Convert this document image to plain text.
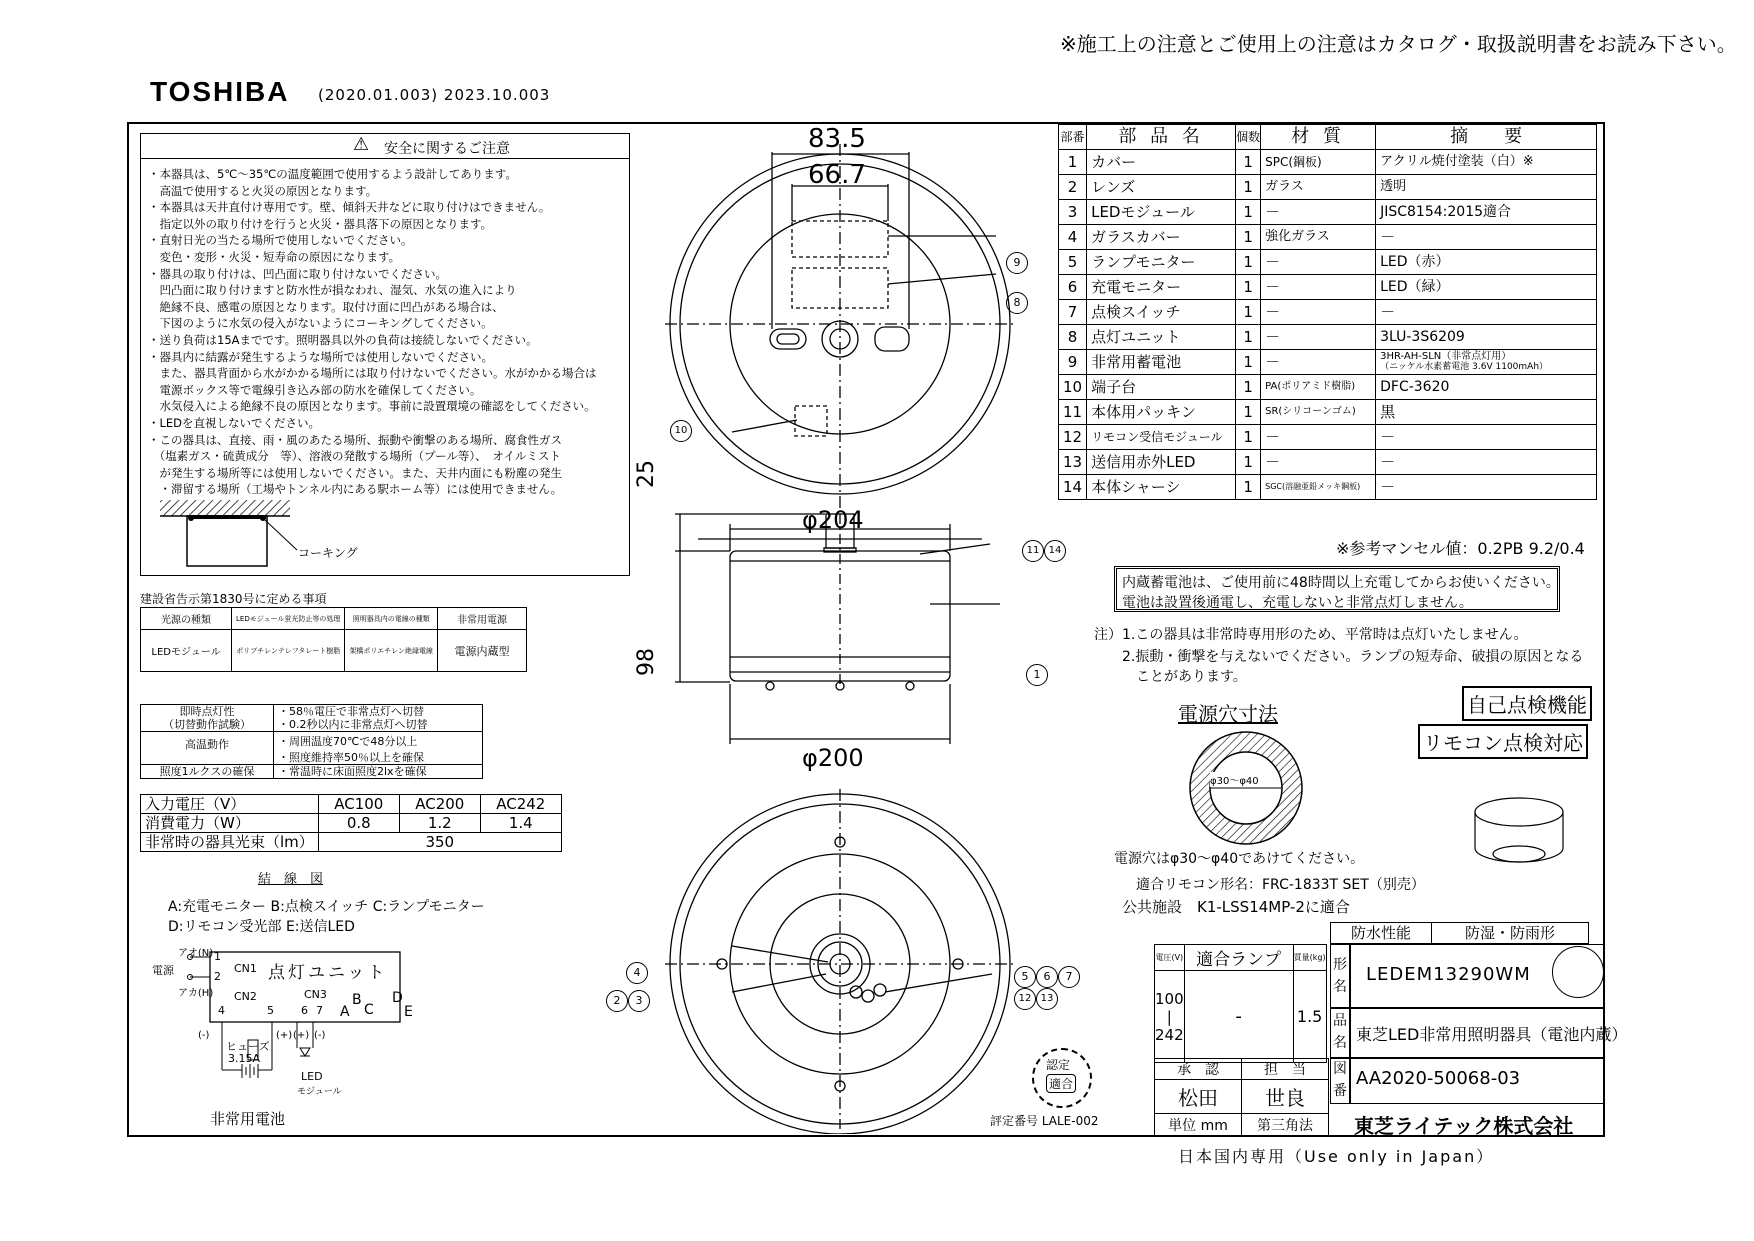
※施工上の注意とご使用上の注意はカタログ・取扱説明書をお読み下さい。
TOSHIBA (2020.01.003) 2023.10.003
⚠ 安全に関するご注意
・本器具は、5℃～35℃の温度範囲で使用するよう設計してあります。
　高温で使用すると火災の原因となります。
・本器具は天井直付け専用です。壁、傾斜天井などに取り付けはできません。
　指定以外の取り付けを行うと火災・器具落下の原因となります。
・直射日光の当たる場所で使用しないでください。
　変色・変形・火災・短寿命の原因になります。
・器具の取り付けは、凹凸面に取り付けないでください。
　凹凸面に取り付けますと防水性が損なわれ、湿気、水気の進入により
　絶縁不良、感電の原因となります。取付け面に凹凸がある場合は、
　下図のように水気の侵入がないようにコーキングしてください。
・送り負荷は15Aまでです。照明器具以外の負荷は接続しないでください。
・器具内に結露が発生するような場所では使用しないでください。
　また、器具背面から水がかかる場所には取り付けないでください。水がかかる場合は
　電源ボックス等で電線引き込み部の防水を確保してください。
　水気侵入による絶縁不良の原因となります。事前に設置環境の確認をしてください。
・LEDを直視しないでください。
・この器具は、直接、雨・風のあたる場所、振動や衝撃のある場所、腐食性ガス
　（塩素ガス・硫黄成分　等）、溶液の発散する場所（プール等）、　オイルミスト
　が発生する場所等には使用しないでください。また、天井内面にも粉塵の発生
　・滞留する場所（工場やトンネル内にある駅ホーム等）には使用できません。
コーキング
建設省告示第1830号に定める事項
光源の種類	LEDモジュール蛍光防止等の処理	照明器具内の電線の種類	非常用電源
LEDモジュール	ポリブチレンテレフタレート樹脂	架橋ポリエチレン絶縁電線	電源内蔵型
即時点灯性	・58％電圧で非常点灯へ切替
（切替動作試験）	・0.2秒以内に非常点灯へ切替
高温動作	・周囲温度70℃で48分以上
	・照度維持率50％以上を確保
照度1ルクスの確保	・常温時に床面照度2lxを確保
入力電圧（V）	AC100	AC200	AC242
消費電力（W）	0.8	1.2	1.4
非常時の器具光束（lm）	350		
結　線　図
A:充電モニター B:点検スイッチ C:ランプモニター
D:リモコン受光部 E:送信LED
電源
アオ(N)
アカ(H)
1
2
CN1 点灯ユニット
CN2	CN3
4	5 6 7 A
B
C
D
E
(-)	(+) (+) (-)
ヒューズ
3.15A
LED
モジュール
非常用電池
83.5
66.7
φ204
φ200
25
98
9
8
10
11 14
1
4
2	3
5	6	7
12 13
認定
適合
評定番号 LALE-002
部番	部 品 名	個数	材 質	摘　　要
1	カバー	1	SPC(鋼板)	アクリル焼付塗装（白）※
2	レンズ	1	ガラス	透明
3	LEDモジュール	1	－	JISC8154:2015適合
4	ガラスカバー	1	強化ガラス	－
5	ランプモニター	1	－	LED（赤）
6	充電モニター	1	－	LED（緑）
7	点検スイッチ	1	－	－
8	点灯ユニット	1	－	3LU-3S6209
9	非常用蓄電池	1	－	3HR-AH-SLN（非常点灯用）
（ニッケル水素蓄電池 3.6V 1100mAh）

10	端子台	1	PA(ポリアミド樹脂)	DFC-3620
11	本体用パッキン	1	SR(シリコーンゴム)	黒
12	リモコン受信モジュール	1	－	－
13	送信用赤外LED	1	－	－
14	本体シャーシ	1	SGC(溶融亜鉛メッキ鋼板)	－
※参考マンセル値：0.2PB 9.2/0.4
内蔵蓄電池は、ご使用前に48時間以上充電してからお使いください。
電池は設置後通電し、充電しないと非常点灯しません。
注）1.この器具は非常時専用形のため、平常時は点灯いたしません。
　　2.振動・衝撃を与えないでください。ランプの短寿命、破損の原因となる
　　　ことがあります。
自己点検機能
リモコン点検対応
電源穴寸法
φ30～φ40
電源穴はφ30～φ40であけてください。
適合リモコン形名：FRC-1833T SET（別売）
公共施設　K1-LSS14MP-2に適合
防水性能	防湿・防雨形
電圧(V)	適合ランプ	質量(kg)

100
|
242	-	1.5
形名
LEDEM13290WM
品名 東芝LED非常用照明器具（電池内蔵）
承　認	担　当
松田	世良
単位 mm	第三角法
図番
AA2020-50068-03
東芝ライテック株式会社
日本国内専用（Use only in Japan）
